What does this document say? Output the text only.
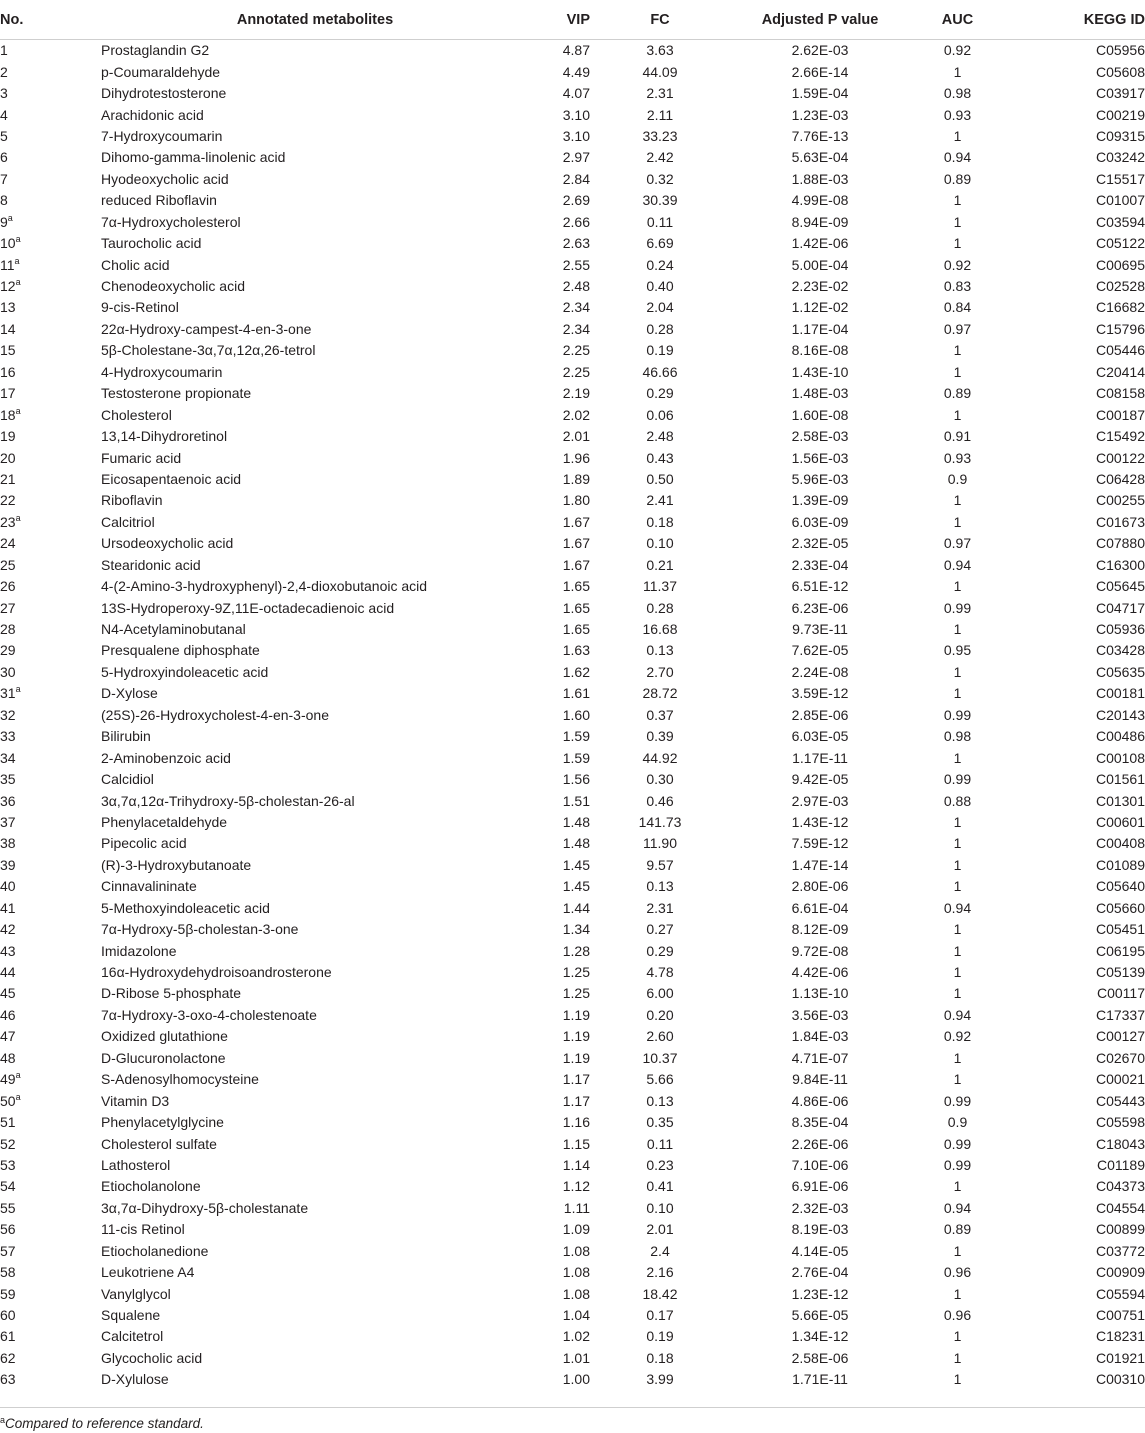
No.	Annotated metabolites	VIP	FC	Adjusted P value	AUC	KEGG ID
1	Prostaglandin G2	4.87	3.63	2.62E-03	0.92	C05956
2	p-Coumaraldehyde	4.49	44.09	2.66E-14	1	C05608
3	Dihydrotestosterone	4.07	2.31	1.59E-04	0.98	C03917
4	Arachidonic acid	3.10	2.11	1.23E-03	0.93	C00219
5	7-Hydroxycoumarin	3.10	33.23	7.76E-13	1	C09315
6	Dihomo-gamma-linolenic acid	2.97	2.42	5.63E-04	0.94	C03242
7	Hyodeoxycholic acid	2.84	0.32	1.88E-03	0.89	C15517
8	reduced Riboflavin	2.69	30.39	4.99E-08	1	C01007
9$^a$	7α-Hydroxycholesterol	2.66	0.11	8.94E-09	1	C03594
10$^a$	Taurocholic acid	2.63	6.69	1.42E-06	1	C05122
11$^a$	Cholic acid	2.55	0.24	5.00E-04	0.92	C00695
12$^a$	Chenodeoxycholic acid	2.48	0.40	2.23E-02	0.83	C02528
13	9-cis-Retinol	2.34	2.04	1.12E-02	0.84	C16682
14	22α-Hydroxy-campest-4-en-3-one	2.34	0.28	1.17E-04	0.97	C15796
15	5β-Cholestane-3α,7α,12α,26-tetrol	2.25	0.19	8.16E-08	1	C05446
16	4-Hydroxycoumarin	2.25	46.66	1.43E-10	1	C20414
17	Testosterone propionate	2.19	0.29	1.48E-03	0.89	C08158
18$^a$	Cholesterol	2.02	0.06	1.60E-08	1	C00187
19	13,14-Dihydroretinol	2.01	2.48	2.58E-03	0.91	C15492
20	Fumaric acid	1.96	0.43	1.56E-03	0.93	C00122
21	Eicosapentaenoic acid	1.89	0.50	5.96E-03	0.9	C06428
22	Riboflavin	1.80	2.41	1.39E-09	1	C00255
23$^a$	Calcitriol	1.67	0.18	6.03E-09	1	C01673
24	Ursodeoxycholic acid	1.67	0.10	2.32E-05	0.97	C07880
25	Stearidonic acid	1.67	0.21	2.33E-04	0.94	C16300
26	4-(2-Amino-3-hydroxyphenyl)-2,4-dioxobutanoic acid	1.65	11.37	6.51E-12	1	C05645
27	13S-Hydroperoxy-9Z,11E-octadecadienoic acid	1.65	0.28	6.23E-06	0.99	C04717
28	N4-Acetylaminobutanal	1.65	16.68	9.73E-11	1	C05936
29	Presqualene diphosphate	1.63	0.13	7.62E-05	0.95	C03428
30	5-Hydroxyindoleacetic acid	1.62	2.70	2.24E-08	1	C05635
31$^a$	D-Xylose	1.61	28.72	3.59E-12	1	C00181
32	(25S)-26-Hydroxycholest-4-en-3-one	1.60	0.37	2.85E-06	0.99	C20143
33	Bilirubin	1.59	0.39	6.03E-05	0.98	C00486
34	2-Aminobenzoic acid	1.59	44.92	1.17E-11	1	C00108
35	Calcidiol	1.56	0.30	9.42E-05	0.99	C01561
36	3α,7α,12α-Trihydroxy-5β-cholestan-26-al	1.51	0.46	2.97E-03	0.88	C01301
37	Phenylacetaldehyde	1.48	141.73	1.43E-12	1	C00601
38	Pipecolic acid	1.48	11.90	7.59E-12	1	C00408
39	(R)-3-Hydroxybutanoate	1.45	9.57	1.47E-14	1	C01089
40	Cinnavalininate	1.45	0.13	2.80E-06	1	C05640
41	5-Methoxyindoleacetic acid	1.44	2.31	6.61E-04	0.94	C05660
42	7α-Hydroxy-5β-cholestan-3-one	1.34	0.27	8.12E-09	1	C05451
43	Imidazolone	1.28	0.29	9.72E-08	1	C06195
44	16α-Hydroxydehydroisoandrosterone	1.25	4.78	4.42E-06	1	C05139
45	D-Ribose 5-phosphate	1.25	6.00	1.13E-10	1	C00117
46	7α-Hydroxy-3-oxo-4-cholestenoate	1.19	0.20	3.56E-03	0.94	C17337
47	Oxidized glutathione	1.19	2.60	1.84E-03	0.92	C00127
48	D-Glucuronolactone	1.19	10.37	4.71E-07	1	C02670
49$^a$	S-Adenosylhomocysteine	1.17	5.66	9.84E-11	1	C00021
50$^a$	Vitamin D3	1.17	0.13	4.86E-06	0.99	C05443
51	Phenylacetylglycine	1.16	0.35	8.35E-04	0.9	C05598
52	Cholesterol sulfate	1.15	0.11	2.26E-06	0.99	C18043
53	Lathosterol	1.14	0.23	7.10E-06	0.99	C01189
54	Etiocholanolone	1.12	0.41	6.91E-06	1	C04373
55	3α,7α-Dihydroxy-5β-cholestanate	1.11	0.10	2.32E-03	0.94	C04554
56	11-cis Retinol	1.09	2.01	8.19E-03	0.89	C00899
57	Etiocholanedione	1.08	2.4	4.14E-05	1	C03772
58	Leukotriene A4	1.08	2.16	2.76E-04	0.96	C00909
59	Vanylglycol	1.08	18.42	1.23E-12	1	C05594
60	Squalene	1.04	0.17	5.66E-05	0.96	C00751
61	Calcitetrol	1.02	0.19	1.34E-12	1	C18231
62	Glycocholic acid	1.01	0.18	2.58E-06	1	C01921
63	D-Xylulose	1.00	3.99	1.71E-11	1	C00310
$^a$Compared to reference standard.
